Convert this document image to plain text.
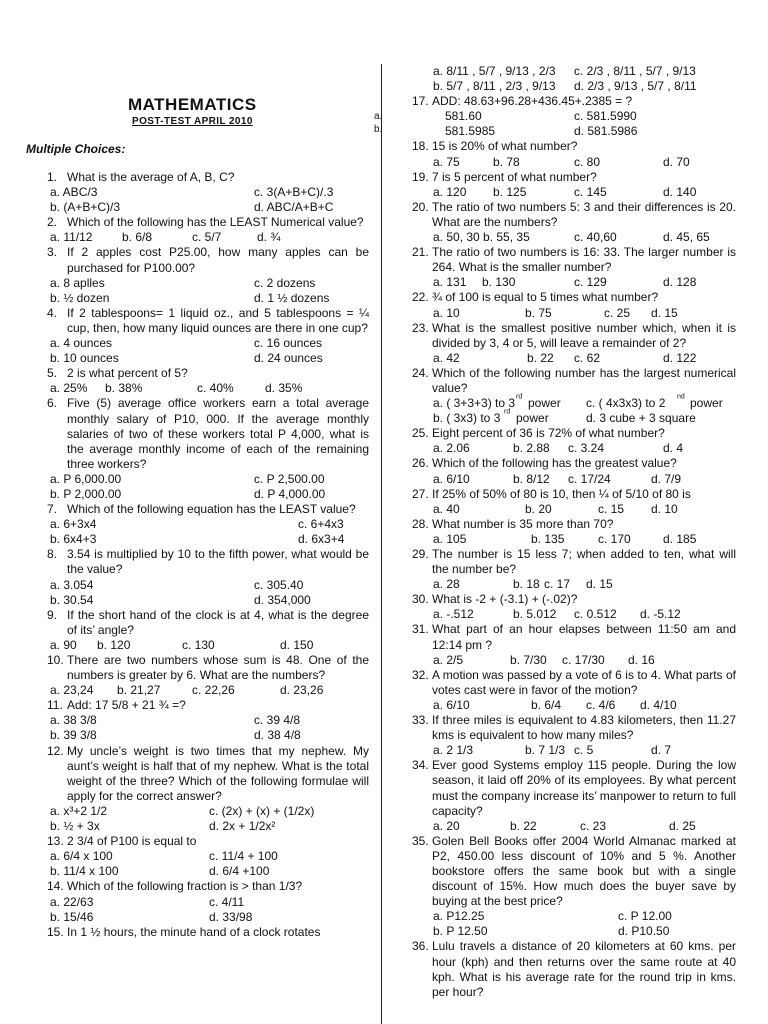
MATHEMATICS
POST-TEST APRIL 2010
Multiple Choices:
a.
b.
1. What is the average of A, B, C?
a. ABC/3	c. 3(A+B+C)/.3
b. (A+B+C)/3	d. ABC/A+B+C
2. Which of the following has the LEAST Numerical value?
a. 11/12 b. 6/8	c. 5/7	d. ¾
3. If 2 apples cost P25.00, how many apples can be purchased for P100.00?
a. 8 aplles	c. 2 dozens
b. ½ dozen	d. 1 ½ dozens
4. If 2 tablespoons= 1 liquid oz., and 5 tablespoons = ¼ cup, then, how many liquid ounces are there in one cup?
a. 4 ounces	c. 16 ounces
b. 10 ounces	d. 24 ounces
5. 2 is what percent of 5?
a. 25% b. 38%	c. 40%	d. 35%
6. Five (5) average office workers earn a total average monthly salary of P10, 000. If the average monthly salaries of two of these workers total P 4,000, what is the average monthly income of each of the remaining three workers?
a. P 6,000.00	c. P 2,500.00
b. P 2,000.00	d. P 4,000.00
7. Which of the following equation has the LEAST value?
a. 6+3x4	c. 6+4x3
b. 6x4+3	d. 6x3+4
8. 3.54 is multiplied by 10 to the fifth power, what would be the value?
a. 3.054	c. 305.40
b. 30.54	d. 354,000
9. If the short hand of the clock is at 4, what is the degree of its’ angle?
a. 90 b. 120	c. 130	d. 150
10. There are two numbers whose sum is 48. One of the numbers is greater by 6. What are the numbers?
a. 23,24 b. 21,27	c. 22,26	d. 23,26
11. Add: 17 5/8 + 21 ¾ =?
a. 38 3/8	c. 39 4/8
b. 39 3/8	d. 38 4/8
12. My uncle’s weight is two times that my nephew. My aunt’s weight is half that of my nephew. What is the total weight of the three? Which of the following formulae will apply for the correct answer?
a. x³+2 1/2	c. (2x) + (x) + (1/2x)
b. ½ + 3x	d. 2x + 1/2x²
13. 2 3/4 of P100 is equal to
a. 6/4 x 100	c. 11/4 + 100
b. 11/4 x 100	d. 6/4 +100
14. Which of the following fraction is > than 1/3?
a. 22/63	c. 4/11
b. 15/46	d. 33/98
15. In 1 ½ hours, the minute hand of a clock rotates
a. 8/11 , 5/7 , 9/13 , 2/3 c. 2/3 , 8/11 , 5/7 , 9/13
b. 5/7 , 8/11 , 2/3 , 9/13 d. 2/3 , 9/13 , 5/7 , 8/11
17. ADD: 48.63+96.28+436.45+.2385 = ?
581.60	c. 581.5990
581.5985	d. 581.5986
18. 15 is 20% of what number?
a. 75	b. 78	c. 80	d. 70
19. 7 is 5 percent of what number?
a. 120 b. 125	c. 145	d. 140
20. The ratio of two numbers 5: 3 and their differences is 20. What are the numbers?
a. 50, 30 b. 55, 35	c. 40,60	d. 45, 65
21. The ratio of two numbers is 16: 33. The larger number is 264. What is the smaller number?
a. 131 b. 130	c. 129	d. 128
22. ¾ of 100 is equal to 5 times what number?
a. 10	b. 75	c. 25 d. 15
23. What is the smallest positive number which, when it is divided by 3, 4 or 5, will leave a remainder of 2?
a. 42	b. 22 c. 62	d. 122
24. Which of the following number has the largest numerical value?
a. ( 3+3+3) to 3 $^{rd}$ power c. ( 4x3x3) to 2 $^{nd}$ power
b. ( 3x3) to 3 $^{rd}$ power	d. 3 cube + 3 square
25. Eight percent of 36 is 72% of what number?
a. 2.06	b. 2.88 c. 3.24	d. 4
26. Which of the following has the greatest value?
a. 6/10	b. 8/12 c. 17/24	d. 7/9
27. If 25% of 50% of 80 is 10, then ¼ of 5/10 of 80 is
a. 40	b. 20	c. 15 d. 10
28. What number is 35 more than 70?
a. 105	b. 135	c. 170	d. 185
29. The number is 15 less 7; when added to ten, what will the number be?
a. 28	b. 18 c. 17 d. 15
30. What is -2 + (-3.1) + (-.02)?
a. -.512	b. 5.012 c. 0.512 d. -5.12
31. What part of an hour elapses between 11:50 am and 12:14 pm ?
a. 2/5	b. 7/30 c. 17/30 d. 16
32. A motion was passed by a vote of 6 is to 4. What parts of votes cast were in favor of the motion?
a. 6/10	b. 6/4 c. 4/6 d. 4/10
33. If three miles is equivalent to 4.83 kilometers, then 11.27 kms is equivalent to how many miles?
a. 2 1/3	b. 7 1/3 c. 5	d. 7
34. Ever good Systems employ 115 people. During the low season, it laid off 20% of its employees. By what percent must the company increase its’ manpower to return to full capacity?
a. 20	b. 22	c. 23	d. 25
35. Golen Bell Books offer 2004 World Almanac marked at P2, 450.00 less discount of 10% and 5 %. Another bookstore offers the same book but with a single discount of 15%. How much does the buyer save by buying at the best price?
a. P12.25	c. P 12.00
b. P 12.50	d. P10.50
36. Lulu travels a distance of 20 kilometers at 60 kms. per hour (kph) and then returns over the same route at 40 kph. What is his average rate for the round trip in kms. per hour?
